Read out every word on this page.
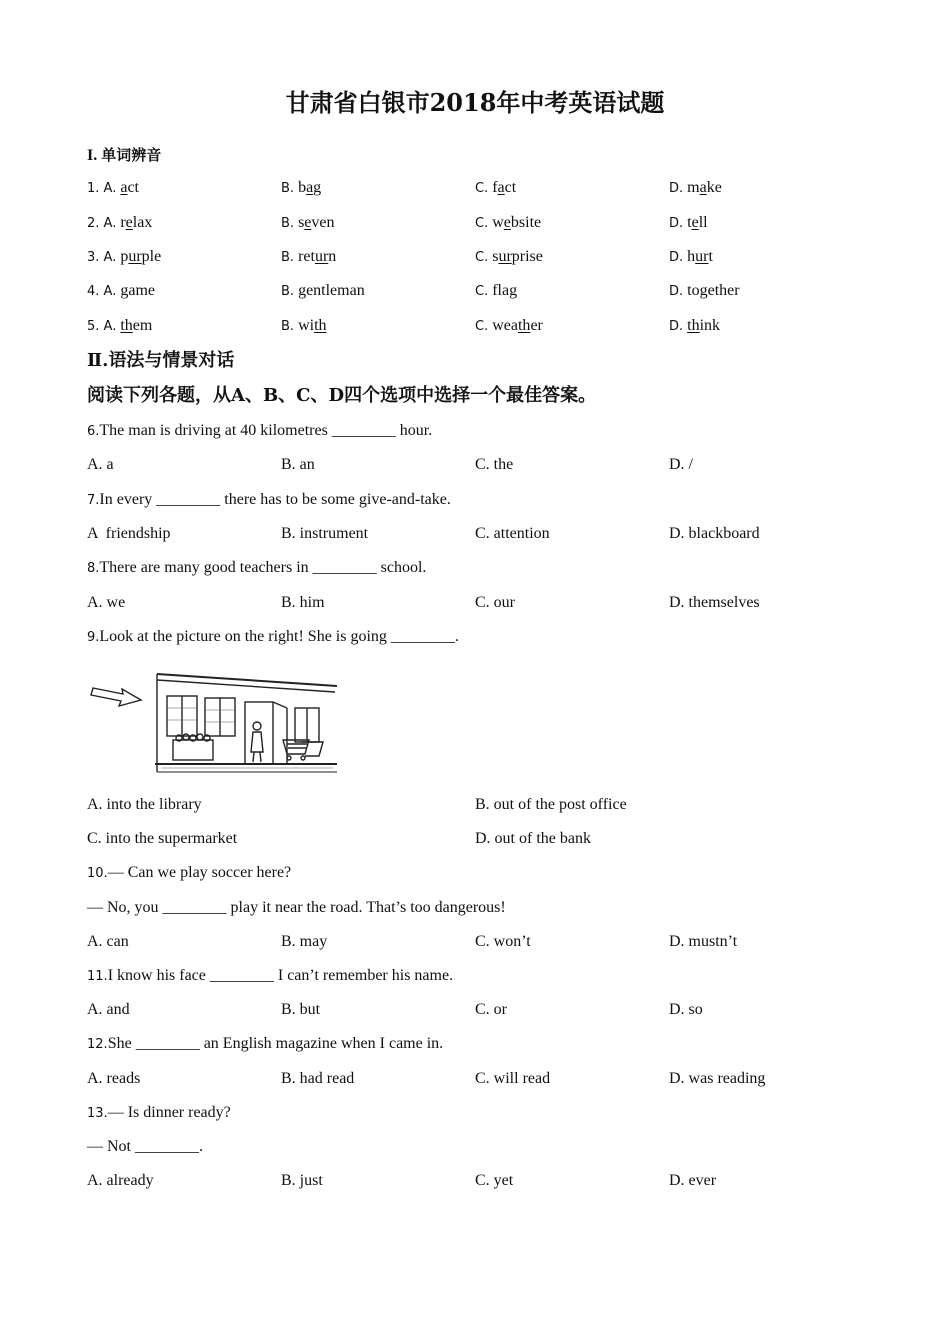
甘肃省白银市2018年中考英语试题
I. 单词辨音
1. A. act	B. bag	C. fact	D. make
2. A. relax	B. seven	C. website	D. tell
3. A. purple	B. return	C. surprise	D. hurt
4. A. game	B. gentleman	C. flag	D. together
5. A. them	B. with	C. weather	D. think
Ⅱ.语法与情景对话
阅读下列各题，从A、B、C、D四个选项中选择一个最佳答案。
6.The man is driving at 40 kilometres ________ hour.
A. a	B. an	C. the	D. /
7.In every ________ there has to be some give-and-take.
A  friendship	B. instrument	C. attention	D. blackboard
8.There are many good teachers in ________ school.
A. we	B. him	C. our	D. themselves
9.Look at the picture on the right! She is going ________.
A. into the library	B. out of the post office
C. into the supermarket	D. out of the bank
10.— Can we play soccer here?
— No, you ________ play it near the road. That’s too dangerous!
A. can	B. may	C. won’t	D. mustn’t
11.I know his face ________ I can’t remember his name.
A. and	B. but	C. or	D. so
12.She ________ an English magazine when I came in.
A. reads	B. had read	C. will read	D. was reading
13.— Is dinner ready?
— Not ________.
A. already	B. just	C. yet	D. ever
